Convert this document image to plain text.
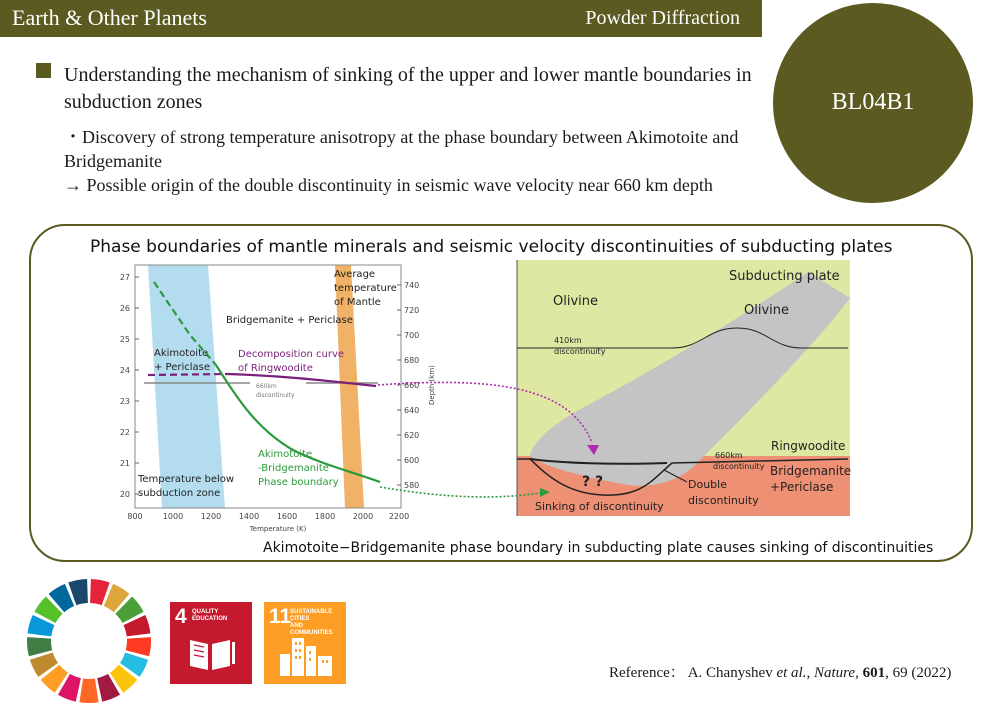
Earth & Other Planets	Powder Diffraction
BL04B1
Understanding the mechanism of sinking of the upper and lower mantle boundaries in subduction zones
・Discovery of strong temperature anisotropy at the phase boundary between Akimotoite and Bridgemanite
→ Possible origin of the double discontinuity in seismic wave velocity near 660 km depth
Phase boundaries of mantle minerals and seismic velocity discontinuities of subducting plates
27
26
25
24
23
22
21
20
740
720
700
680
660
640
620
600
580
800	1000 1200 1400 1600 1800 2000 2200
Temperature (K)
Depth (km)
Average
temperature
of Mantle
Bridgemanite + Periclase
Akimotoite
+ Periclase
Temperature below
subduction zone
Decomposition curve
of Ringwoodite
Akimotoite
-Bridgemanite
Phase boundary
660km
discontinuity
Subducting plate
Olivine
Olivine
410km
discontinuity
Ringwoodite
660km
discontinuity Bridgemanite
+Periclase
? ?	Double
discontinuity
Sinking of discontinuity
Akimotoite−Bridgemanite phase boundary in subducting plate causes sinking of discontinuities
4 QUALITY
EDUCATION	11
SUSTAINABLE CITIES
AND COMMUNITIES
Reference： A. Chanyshev et al., Nature, 601, 69 (2022)
